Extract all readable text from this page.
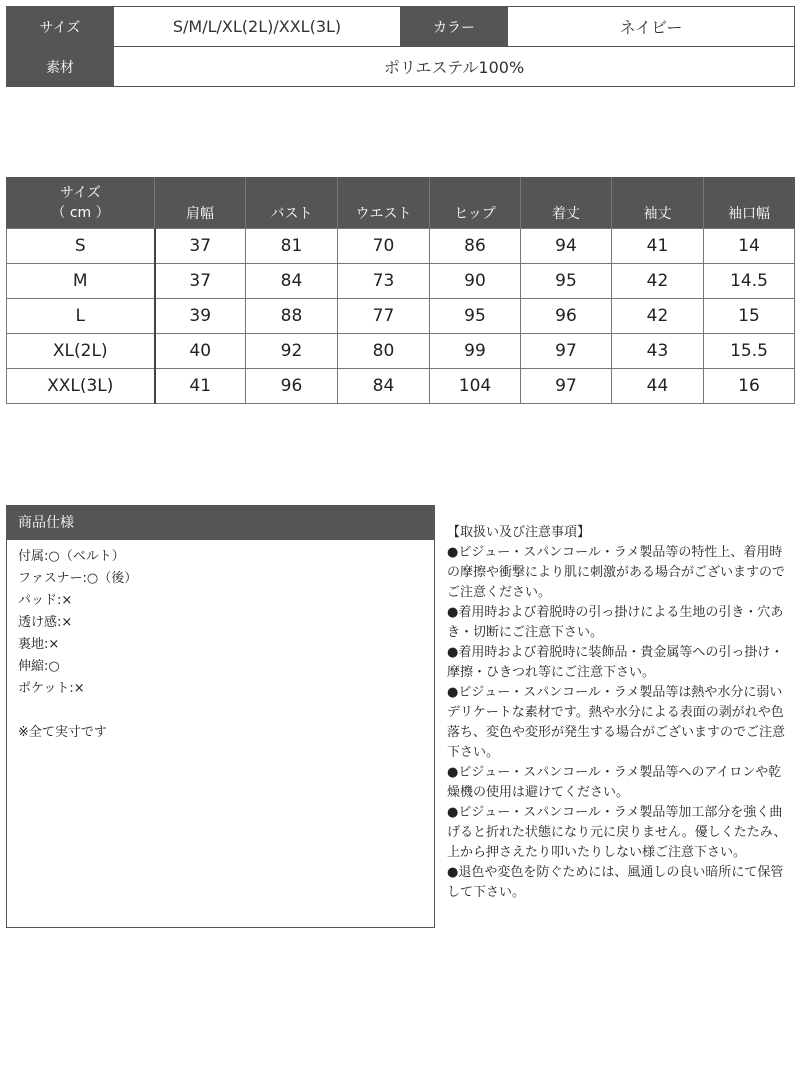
サイズ	S/M/L/XL(2L)/XXL(3L)	カラー	ネイビー
素材	ポリエステル100%		
サイズ
（ cm ）	肩幅	バスト	ウエスト	ヒップ	着丈	袖丈	袖口幅
S	37	81	70	86	94	41	14
M	37	84	73	90	95	42	14.5
L	39	88	77	95	96	42	15
XL(2L)	40	92	80	99	97	43	15.5
XXL(3L)	41	96	84	104	97	44	16
商品仕様
付属:○（ベルト）
ファスナー:○（後）
パッド:×
透け感:×
裏地:×
伸縮:○
ポケット:×
※全て実寸です

【取扱い及び注意事項】

●ビジュー・スパンコール・ラメ製品等の特性上、着用時の摩擦や衝撃により肌に刺激がある場合がございますのでご注意ください。

●着用時および着脱時の引っ掛けによる生地の引き・穴あき・切断にご注意下さい。

●着用時および着脱時に装飾品・貴金属等への引っ掛け・摩擦・ひきつれ等にご注意下さい。

●ビジュー・スパンコール・ラメ製品等は熱や水分に弱いデリケートな素材です。熱や水分による表面の剥がれや色落ち、変色や変形が発生する場合がございますのでご注意下さい。

●ビジュー・スパンコール・ラメ製品等へのアイロンや乾燥機の使用は避けてください。

●ビジュー・スパンコール・ラメ製品等加工部分を強く曲げると折れた状態になり元に戻りません。優しくたたみ、上から押さえたり叩いたりしない様ご注意下さい。

●退色や変色を防ぐためには、風通しの良い暗所にて保管して下さい。
